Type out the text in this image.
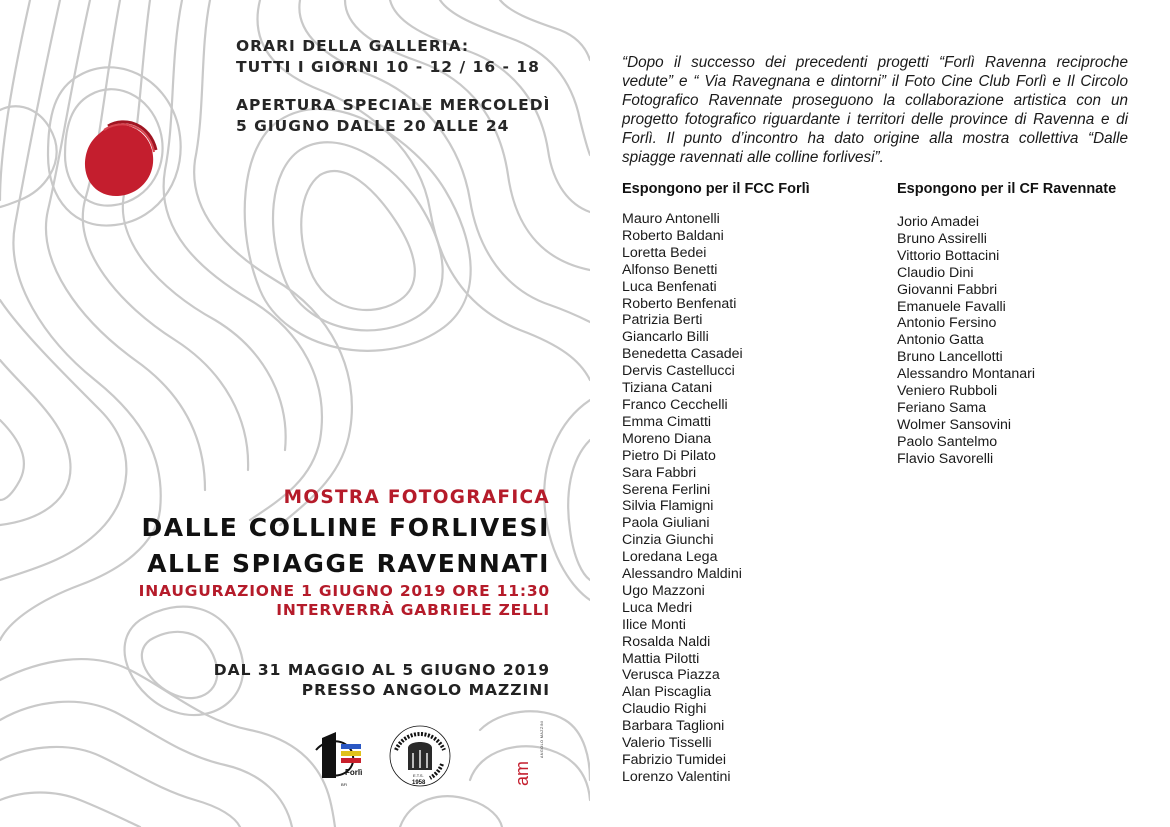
ORARI DELLA GALLERIA:
TUTTI I GIORNI 10 - 12 / 16 - 18
APERTURA SPECIALE MERCOLEDÌ
5 GIUGNO DALLE 20 ALLE 24
MOSTRA FOTOGRAFICA
DALLE COLLINE FORLIVESI
ALLE SPIAGGE RAVENNATI
INAUGURAZIONE 1 GIUGNO 2019 ORE 11:30
INTERVERRÀ GABRIELE ZELLI
DAL 31 MAGGIO AL 5 GIUGNO 2019
PRESSO ANGOLO MAZZINI
Forlì
BFI
E.T.S.
1958	am
ANGOLO MAZZINI

“Dopo il successo dei precedenti progetti “Forlì Ravenna reciproche vedute” e “ Via Ravegnana e dintorni” il Foto Cine Club Forlì e Il Circolo Fotografico Ravennate proseguono la collaborazione artistica con un progetto fotografico riguardante i territori delle province di Ravenna e di Forlì. Il punto d’incontro ha dato origine alla mostra collettiva “Dalle spiagge ravennati alle colline forlivesi”.

Espongono per il FCC Forlì
Mauro Antonelli
Roberto Baldani
Loretta Bedei
Alfonso Benetti
Luca Benfenati
Roberto Benfenati
Patrizia Berti
Giancarlo Billi
Benedetta Casadei
Dervis Castellucci
Tiziana Catani
Franco Cecchelli
Emma Cimatti
Moreno Diana
Pietro Di Pilato
Sara Fabbri
Serena Ferlini
Silvia Flamigni
Paola Giuliani
Cinzia Giunchi
Loredana Lega
Alessandro Maldini
Ugo Mazzoni
Luca Medri
Ilice Monti
Rosalda Naldi
Mattia Pilotti
Verusca Piazza
Alan Piscaglia
Claudio Righi
Barbara Taglioni
Valerio Tisselli
Fabrizio Tumidei
Lorenzo Valentini
Espongono per il CF Ravennate
Jorio Amadei
Bruno Assirelli
Vittorio Bottacini
Claudio Dini
Giovanni Fabbri
Emanuele Favalli
Antonio Fersino
Antonio Gatta
Bruno Lancellotti
Alessandro Montanari
Veniero Rubboli
Feriano Sama
Wolmer Sansovini
Paolo Santelmo
Flavio Savorelli
